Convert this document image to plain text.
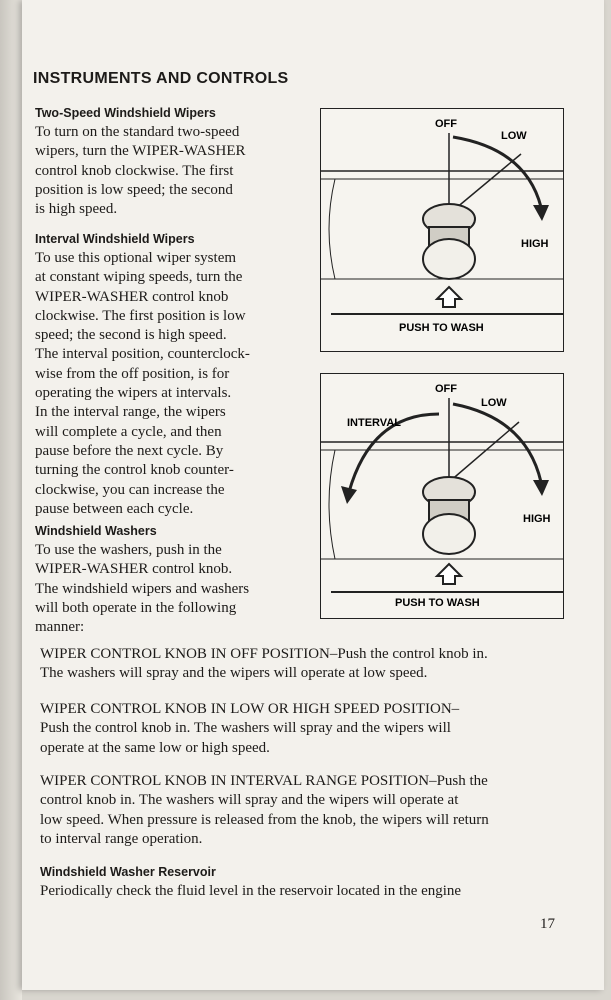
INSTRUMENTS AND CONTROLS

Two-Speed Windshield Wipers

To turn on the standard two-speed

wipers, turn the WIPER-WASHER

control knob clockwise. The first

position is low speed; the second

is high speed.

Interval Windshield Wipers

To use this optional wiper system

at constant wiping speeds, turn the

WIPER-WASHER control knob

clockwise. The first position is low

speed; the second is high speed.

The interval position, counterclock-

wise from the off position, is for

operating the wipers at intervals.

In the interval range, the wipers

will complete a cycle, and then

pause before the next cycle. By

turning the control knob counter-

clockwise, you can increase the

pause between each cycle.

Windshield Washers

To use the washers, push in the

WIPER-WASHER control knob.

The windshield wipers and washers

will both operate in the following

manner:

WIPER CONTROL KNOB IN OFF POSITION–Push the control knob in.
The washers will spray and the wipers will operate at low speed.
WIPER CONTROL KNOB IN LOW OR HIGH SPEED POSITION–
Push the control knob in. The washers will spray and the wipers will
operate at the same low or high speed.
WIPER CONTROL KNOB IN INTERVAL RANGE POSITION–Push the
control knob in. The washers will spray and the wipers will operate at
low speed. When pressure is released from the knob, the wipers will return
to interval range operation.

Windshield Washer Reservoir

Periodically check the fluid level in the reservoir located in the engine
OFF
LOW
HIGH
PUSH TO WASH
OFF
LOW
INTERVAL
HIGH
PUSH TO WASH
17
